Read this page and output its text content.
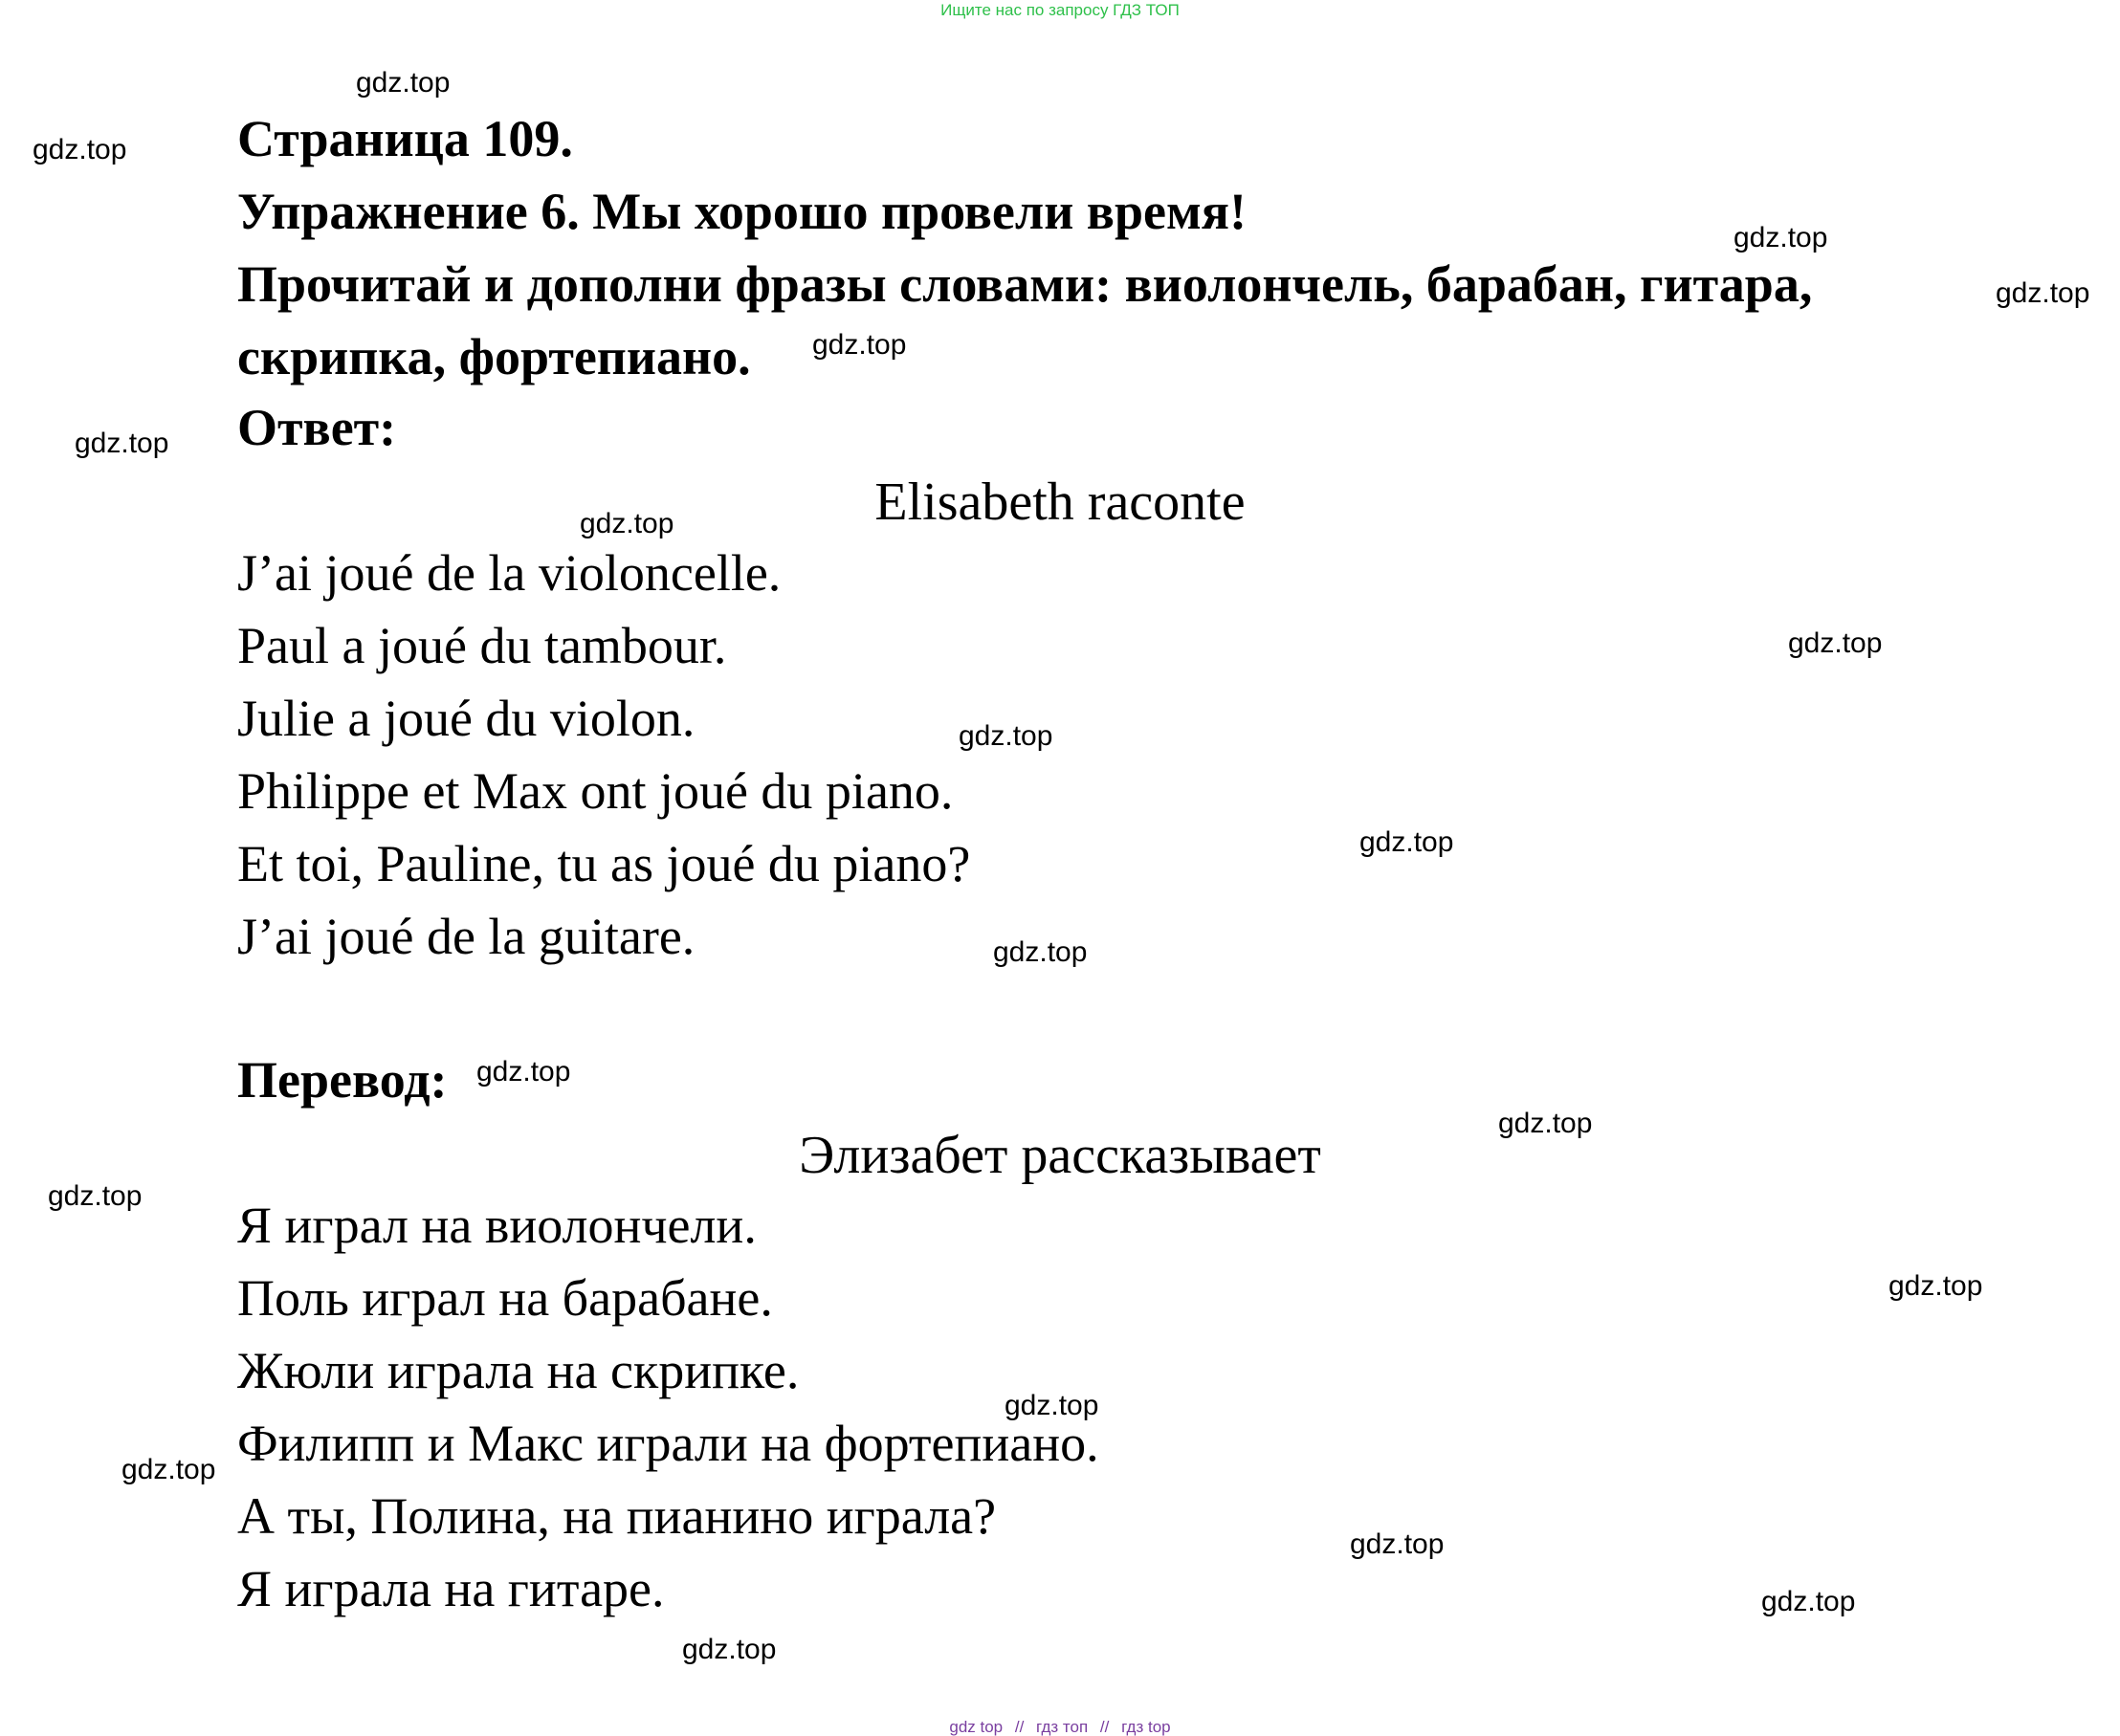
Ищите нас по запросу ГДЗ ТОП
Страница 109.
Упражнение 6. Мы хорошо провели время!
Прочитай и дополни фразы словами: виолончель, барабан, гитара,
скрипка, фортепиано.
Ответ:
Elisabeth raconte
J’ai joué de la violoncelle.
Paul a joué du tambour.
Julie a joué du violon.
Philippe et Max ont joué du piano.
Et toi, Pauline, tu as joué du piano?
J’ai joué de la guitare.
Перевод:
Элизабет рассказывает
Я играл на виолончели.
Поль играл на барабане.
Жюли играла на скрипке.
Филипп и Макс играли на фортепиано.
А ты, Полина, на пианино играла?
Я играла на гитаре.
gdz.top
gdz.top
gdz.top
gdz.top
gdz.top
gdz.top
gdz.top
gdz.top
gdz.top
gdz.top
gdz.top
gdz.top
gdz.top
gdz.top
gdz.top
gdz.top
gdz.top
gdz.top
gdz.top
gdz.top
gdz top // гдз топ // гдз top
